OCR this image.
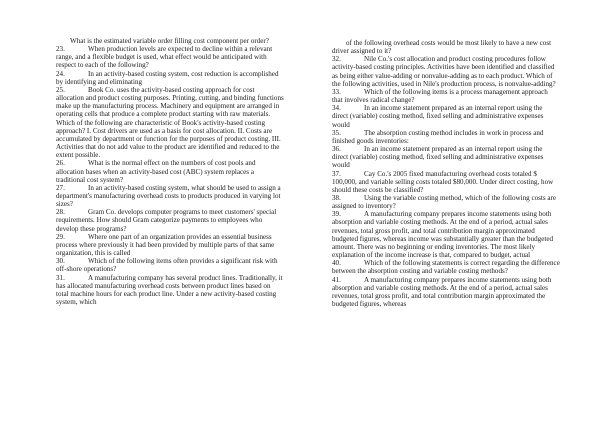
What is the estimated variable order filling cost component per order?

23.	When production levels are expected to decline within a relevant range, and a flexible budget is used, what effect would be anticipated with respect to each of the following?

24.	In an activity-based costing system, cost reduction is accomplished by identifying and eliminating

25.	Book Co. uses the activity-based costing approach for cost allocation and product costing purposes. Printing, cutting, and binding functions make up the manufacturing process. Machinery and equipment are arranged in operating cells that produce a complete product starting with raw materials. Which of the following are characteristic of Book's activity-based costing approach? I. Cost drivers are used as a basis for cost allocation. II. Costs are accumulated by department or function for the purposes of product costing. III. Activities that do not add value to the product are identified and reduced to the extent possible.

26.	What is the normal effect on the numbers of cost pools and allocation bases when an activity-based cost (ABC) system replaces a traditional cost system?

27.	In an activity-based costing system, what should be used to assign a department's manufacturing overhead costs to products produced in varying lot sizes?

28.	Gram Co. develops computer programs to meet customers' special requirements. How should Gram categorize payments to employees who develop these programs?

29.	Where one part of an organization provides an essential business process where previously it had been provided by multiple parts of that same organization, this is called

30.	Which of the following items often provides a significant risk with off-shore operations?

31.	A manufacturing company has several product lines. Traditionally, it has allocated manufacturing overhead costs between product lines based on total machine hours for each product line. Under a new activity-based costing system, which

of the following overhead costs would be most likely to have a new cost driver assigned to it?

32.	Nile Co.'s cost allocation and product costing procedures follow activity-based costing principles. Activities have been identified and classified as being either value-adding or nonvalue-adding as to each product. Which of the following activities, used in Nile's production process, is nonvalue-adding?

33.	Which of the following items is a process management approach that involves radical change?

34.	In an income statement prepared as an internal report using the direct (variable) costing method, fixed selling and administrative expenses would

35.	The absorption costing method includes in work in process and finished goods inventories:

36.	In an income statement prepared as an internal report using the direct (variable) costing method, fixed selling and administrative expenses would

37.	Cay Co.'s 2005 fixed manufacturing overhead costs totaled $ 100,000, and variable selling costs totaled $80,000. Under direct costing, how should these costs be classified?

38.	Using the variable costing method, which of the following costs are assigned to inventory?

39.	A manufacturing company prepares income statements using both absorption and variable costing methods. At the end of a period, actual sales revenues, total gross profit, and total contribution margin approximated budgeted figures, whereas income was substantially greater than the budgeted amount. There was no beginning or ending inventories. The most likely explanation of the income increase is that, compared to budget, actual

40.	Which of the following statements is correct regarding the difference between the absorption costing and variable costing methods?

41.	A manufacturing company prepares income statements using both absorption and variable costing methods. At the end of a period, actual sales revenues, total gross profit, and total contribution margin approximated the budgeted figures, whereas
